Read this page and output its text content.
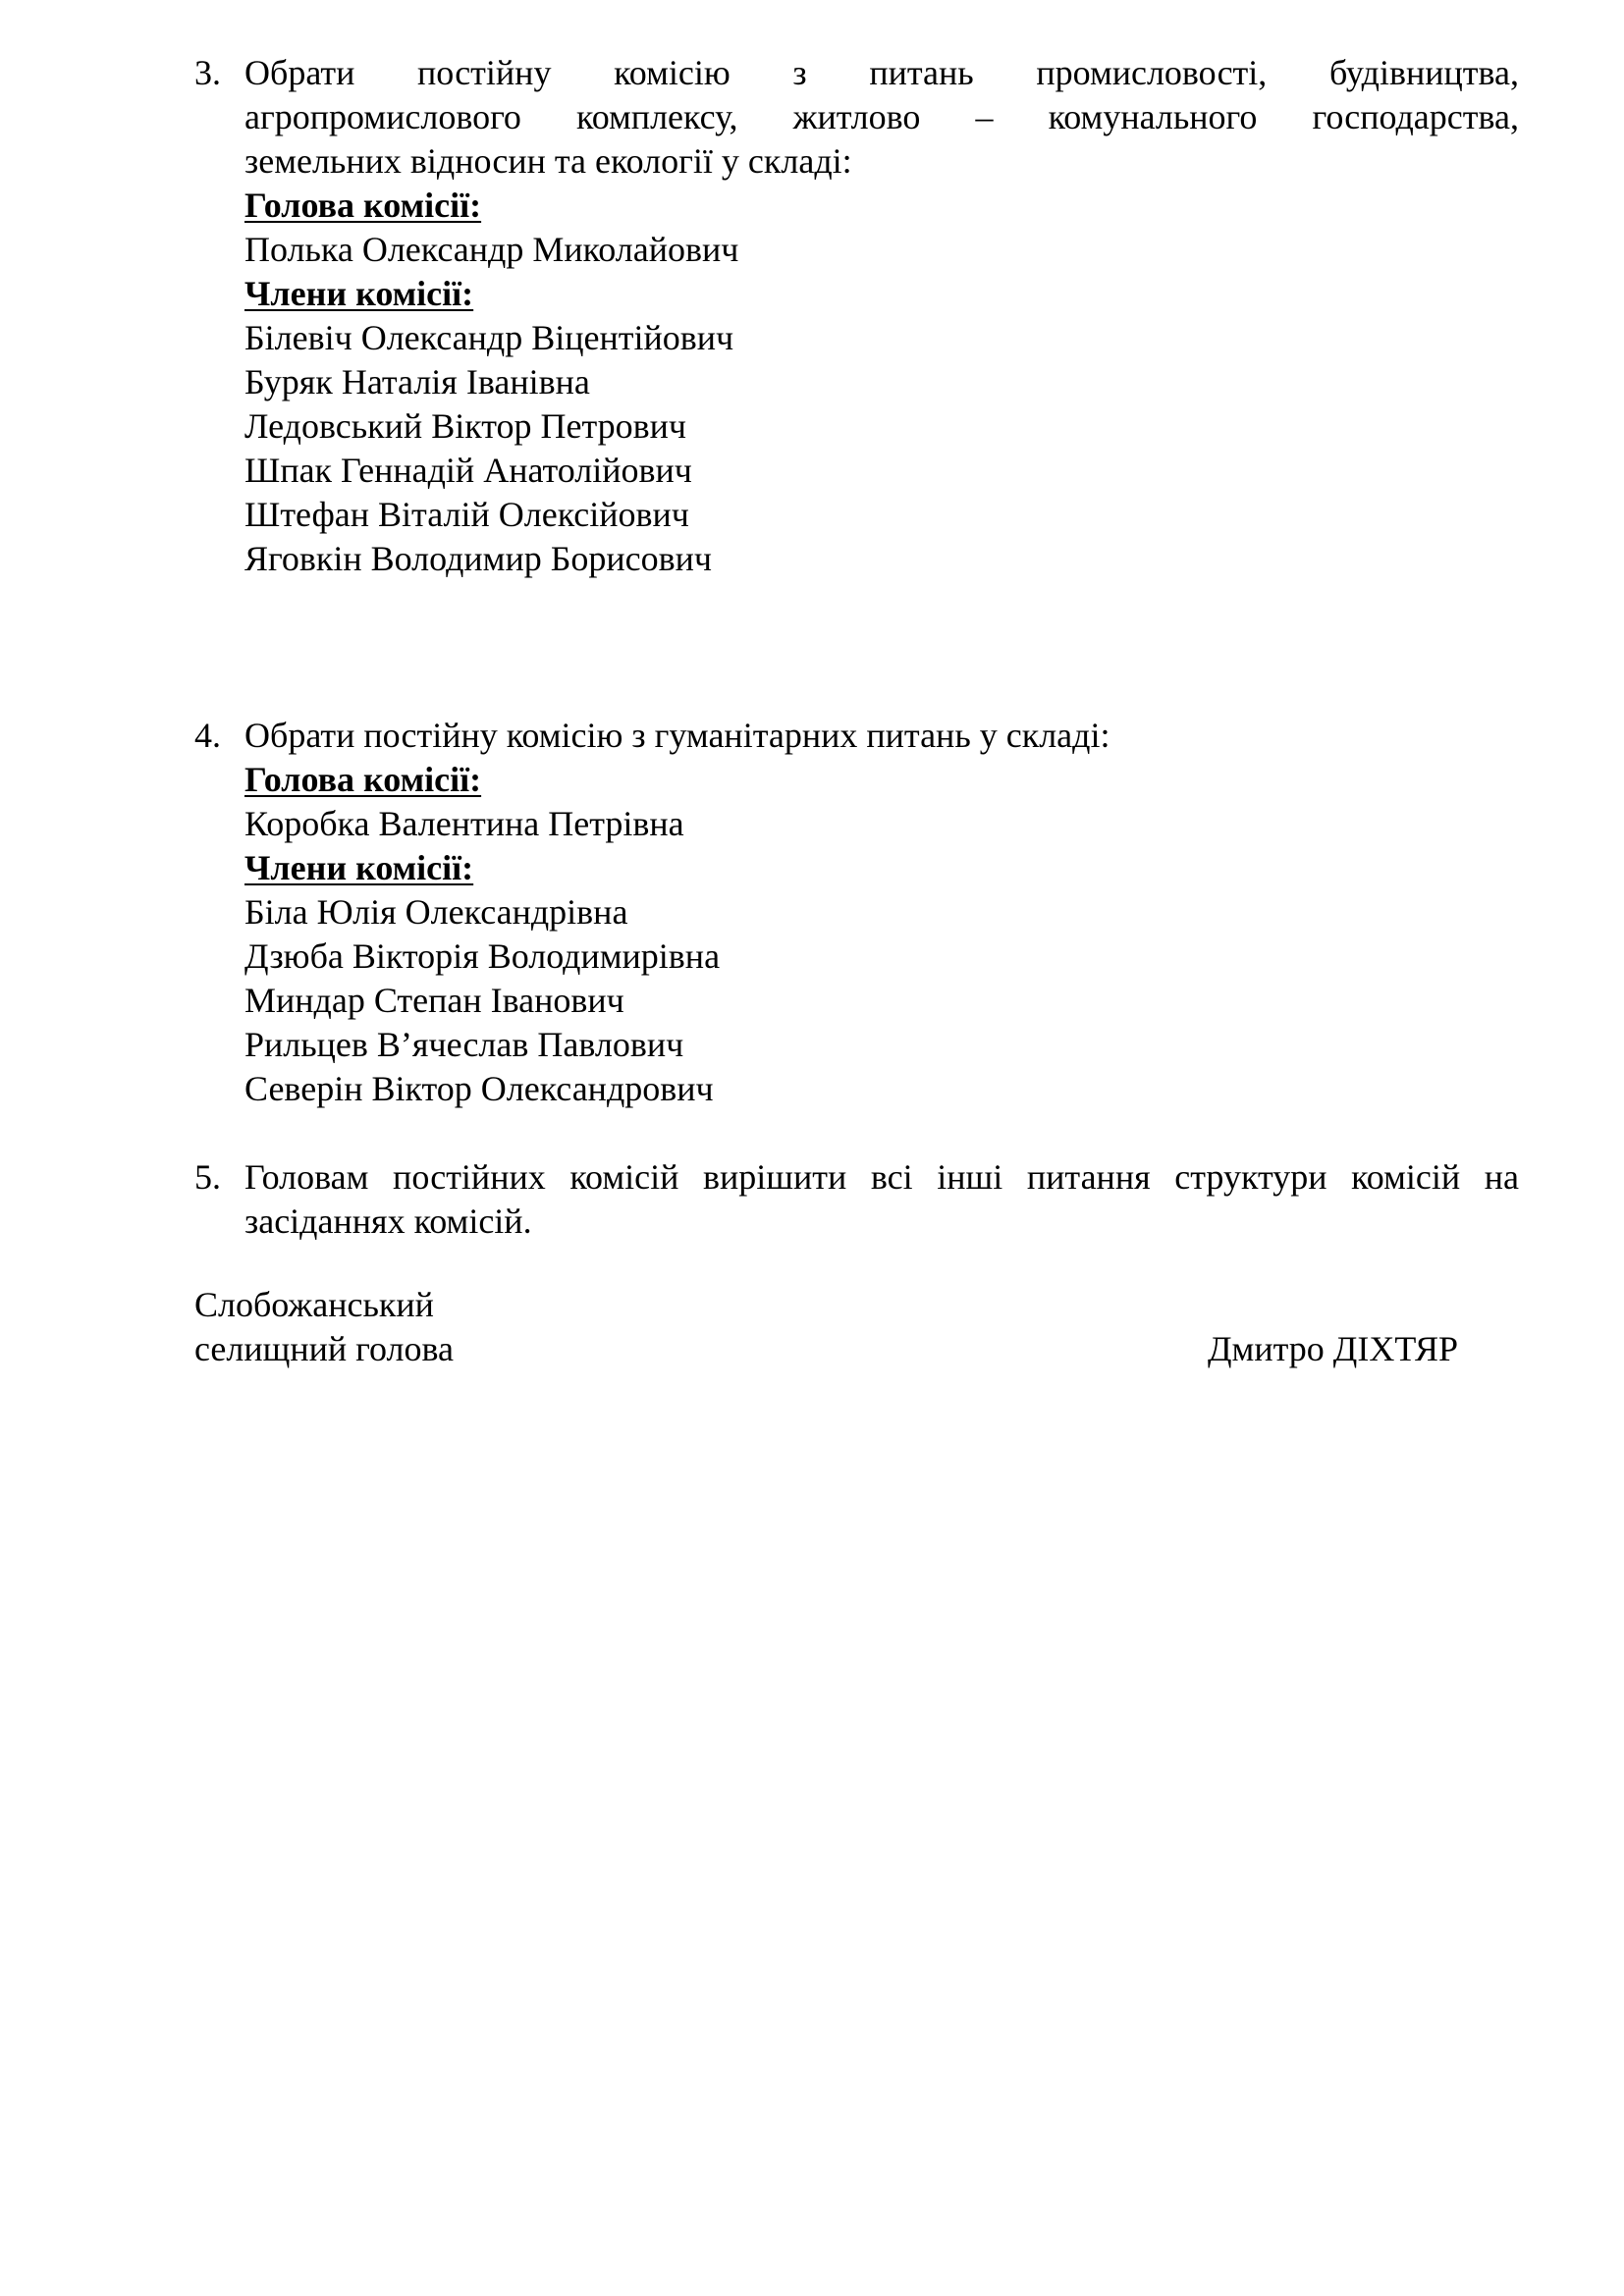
3. Обрати постійну комісію з питань промисловості, будівництва,
агропромислового комплексу, житлово – комунального господарства,
земельних відносин та екології у складі:
Голова комісії:
Полька Олександр Миколайович
Члени комісії:
Білевіч Олександр Віцентійович
Буряк Наталія Іванівна
Ледовський Віктор Петрович
Шпак Геннадій Анатолійович
Штефан Віталій Олексійович
Яговкін Володимир Борисович
4. Обрати постійну комісію з гуманітарних питань у складі:
Голова комісії:
Коробка Валентина Петрівна
Члени комісії:
Біла Юлія Олександрівна
Дзюба Вікторія Володимирівна
Миндар Степан Іванович
Рильцев В’ячеслав Павлович
Северін Віктор Олександрович
5. Головам постійних комісій вирішити всі інші питання структури комісій на
засіданнях комісій.
Слобожанський
селищний голова	Дмитро ДІХТЯР
